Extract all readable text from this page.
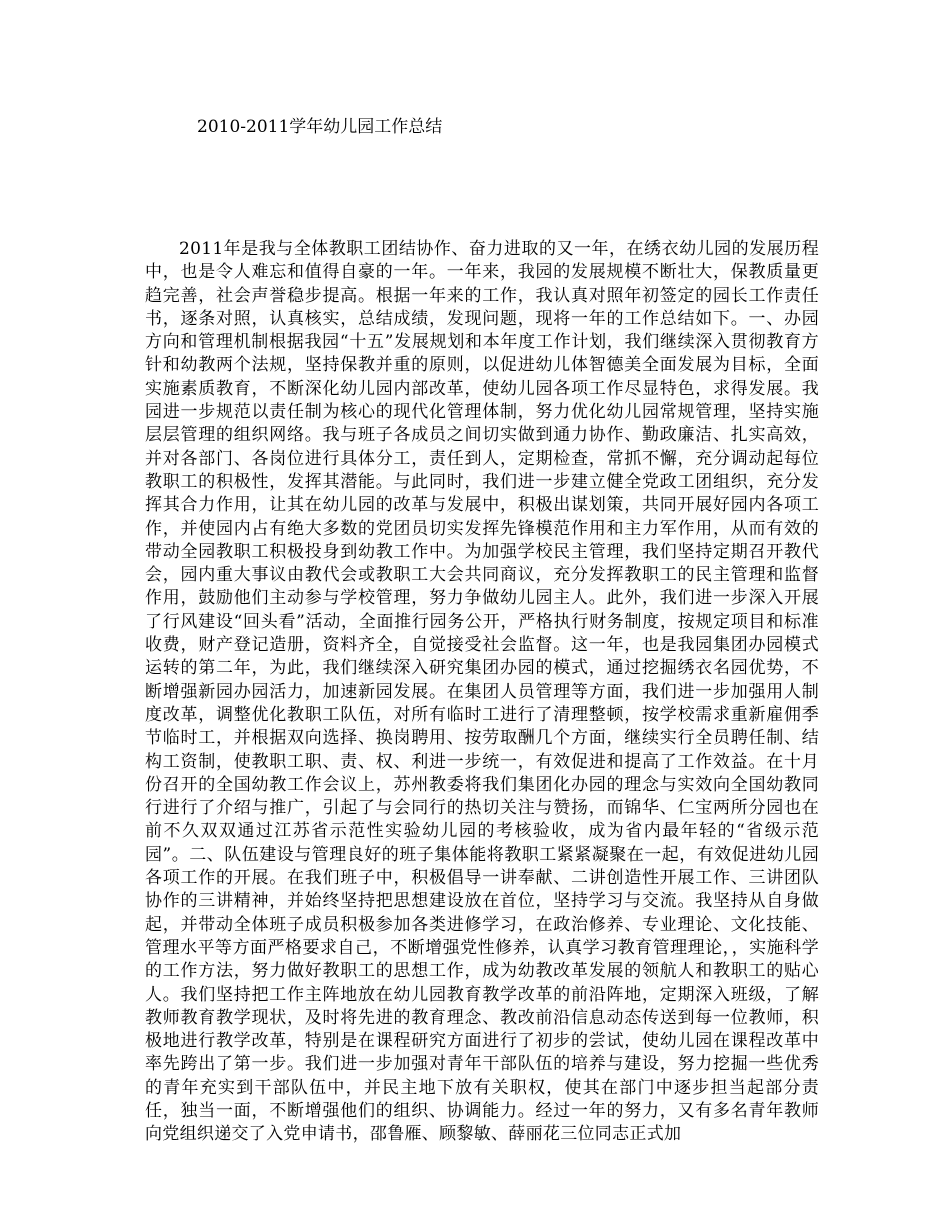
2010-2011学年幼儿园工作总结

2011年是我与全体教职工团结协作、奋力进取的又一年，在绣衣幼儿园的发展历程中，也是令人难忘和值得自豪的一年。一年来，我园的发展规模不断壮大，保教质量更趋完善，社会声誉稳步提高。根据一年来的工作，我认真对照年初签定的园长工作责任书，逐条对照，认真核实，总结成绩，发现问题，现将一年的工作总结如下。一、办园方向和管理机制根据我园“十五”发展规划和本年度工作计划，我们继续深入贯彻教育方针和幼教两个法规，坚持保教并重的原则，以促进幼儿体智德美全面发展为目标，全面实施素质教育，不断深化幼儿园内部改革，使幼儿园各项工作尽显特色，求得发展。我园进一步规范以责任制为核心的现代化管理体制，努力优化幼儿园常规管理，坚持实施层层管理的组织网络。我与班子各成员之间切实做到通力协作、勤政廉洁、扎实高效，并对各部门、各岗位进行具体分工，责任到人，定期检查，常抓不懈，充分调动起每位教职工的积极性，发挥其潜能。与此同时，我们进一步建立健全党政工团组织，充分发挥其合力作用，让其在幼儿园的改革与发展中，积极出谋划策，共同开展好园内各项工作，并使园内占有绝大多数的党团员切实发挥先锋模范作用和主力军作用，从而有效的带动全园教职工积极投身到幼教工作中。为加强学校民主管理，我们坚持定期召开教代会，园内重大事议由教代会或教职工大会共同商议，充分发挥教职工的民主管理和监督作用，鼓励他们主动参与学校管理，努力争做幼儿园主人。此外，我们进一步深入开展了行风建设“回头看”活动，全面推行园务公开，严格执行财务制度，按规定项目和标准收费，财产登记造册，资料齐全，自觉接受社会监督。这一年，也是我园集团办园模式运转的第二年，为此，我们继续深入研究集团办园的模式，通过挖掘绣衣名园优势，不断增强新园办园活力，加速新园发展。在集团人员管理等方面，我们进一步加强用人制度改革，调整优化教职工队伍，对所有临时工进行了清理整顿，按学校需求重新雇佣季节临时工，并根据双向选择、换岗聘用、按劳取酬几个方面，继续实行全员聘任制、结构工资制，使教职工职、责、权、利进一步统一，有效促进和提高了工作效益。在十月份召开的全国幼教工作会议上，苏州教委将我们集团化办园的理念与实效向全国幼教同行进行了介绍与推广，引起了与会同行的热切关注与赞扬，而锦华、仁宝两所分园也在前不久双双通过江苏省示范性实验幼儿园的考核验收，成为省内最年轻的“省级示范园”。二、队伍建设与管理良好的班子集体能将教职工紧紧凝聚在一起，有效促进幼儿园各项工作的开展。在我们班子中，积极倡导一讲奉献、二讲创造性开展工作、三讲团队协作的三讲精神，并始终坚持把思想建设放在首位，坚持学习与交流。我坚持从自身做起，并带动全体班子成员积极参加各类进修学习，在政治修养、专业理论、文化技能、管理水平等方面严格要求自己，不断增强党性修养，认真学习教育管理理论，，实施科学的工作方法，努力做好教职工的思想工作，成为幼教改革发展的领航人和教职工的贴心人。我们坚持把工作主阵地放在幼儿园教育教学改革的前沿阵地，定期深入班级，了解教师教育教学现状，及时将先进的教育理念、教改前沿信息动态传送到每一位教师，积极地进行教学改革，特别是在课程研究方面进行了初步的尝试，使幼儿园在课程改革中率先跨出了第一步。我们进一步加强对青年干部队伍的培养与建设，努力挖掘一些优秀的青年充实到干部队伍中，并民主地下放有关职权，使其在部门中逐步担当起部分责任，独当一面，不断增强他们的组织、协调能力。经过一年的努力，又有多名青年教师向党组织递交了入党申请书，邵鲁雁、顾黎敏、薛丽花三位同志正式加
